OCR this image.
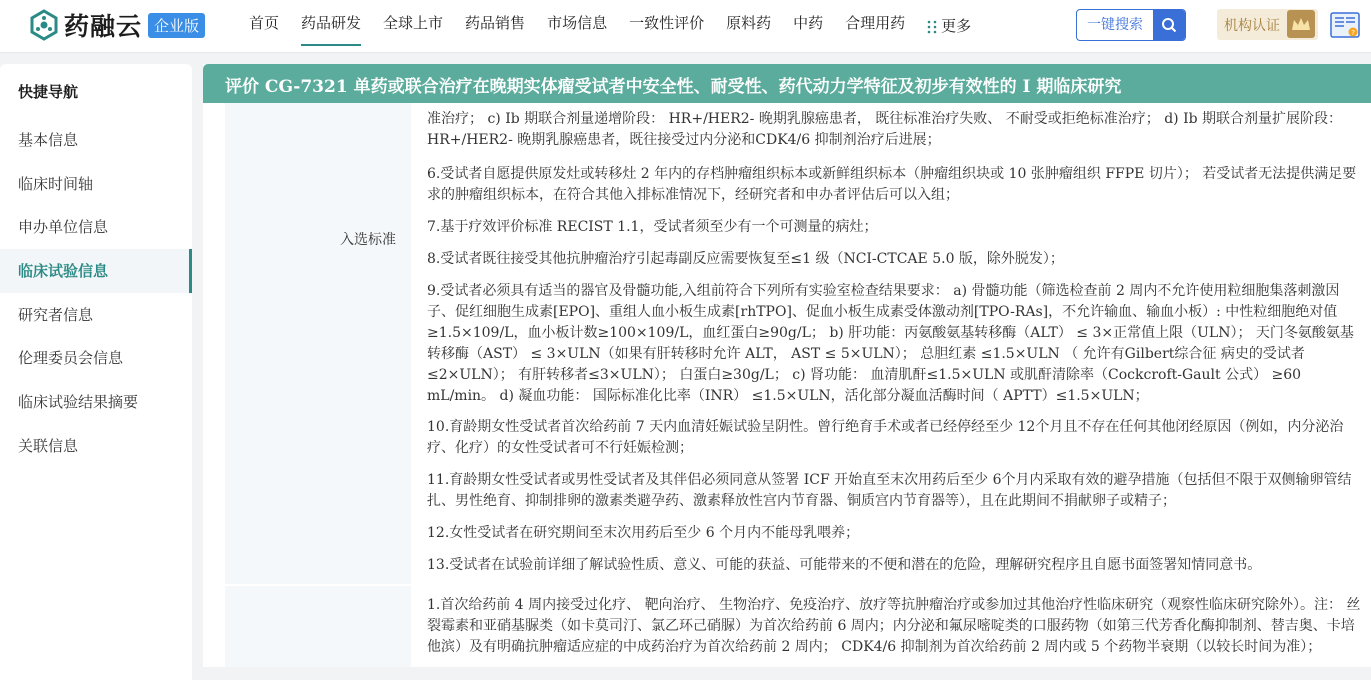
药融云 企业版	首页	药品研发	全球上市	药品销售	市场信息	一致性评价	原料药	中药	合理用药	更多	一键搜索	机构认证	?
快捷导航
基本信息
临床时间轴
申办单位信息
临床试验信息
研究者信息
伦理委员会信息
临床试验结果摘要
关联信息
评价 CG-7321 单药或联合治疗在晚期实体瘤受试者中安全性、耐受性、药代动力学特征及初步有效性的 I 期临床研究
入选标准
准治疗； c) Ib 期联合剂量递增阶段： HR+/HER2- 晚期乳腺癌患者， 既往标准治疗失败、 不耐受或拒绝标准治疗； d) Ib 期联合剂量扩展阶段：HR+/HER2- 晚期乳腺癌患者，既往接受过内分泌和CDK4/6 抑制剂治疗后进展；
6.受试者自愿提供原发灶或转移灶 2 年内的存档肿瘤组织标本或新鲜组织标本（肿瘤组织块或 10 张肿瘤组织 FFPE 切片）； 若受试者无法提供满足要求的肿瘤组织标本，在符合其他入排标准情况下，经研究者和申办者评估后可以入组；
7.基于疗效评价标准 RECIST 1.1，受试者须至少有一个可测量的病灶；
8.受试者既往接受其他抗肿瘤治疗引起毒副反应需要恢复至≤1 级（NCI-CTCAE 5.0 版，除外脱发）；
9.受试者必须具有适当的器官及骨髓功能,入组前符合下列所有实验室检查结果要求： a) 骨髓功能（筛选检查前 2 周内不允许使用粒细胞集落刺激因子、促红细胞生成素[EPO]、重组人血小板生成素[rhTPO]、促血小板生成素受体激动剂[TPO-RAs]，不允许输血、输血小板）: 中性粒细胞绝对值≥1.5×109/L，血小板计数≥100×109/L，血红蛋白≥90g/L； b) 肝功能：丙氨酸氨基转移酶（ALT） ≤ 3×正常值上限（ULN）； 天门冬氨酸氨基转移酶（AST） ≤ 3×ULN（如果有肝转移时允许 ALT， AST ≤ 5×ULN）； 总胆红素 ≤1.5×ULN （ 允许有Gilbert综合征 病史的受试者≤2×ULN）； 有肝转移者≤3×ULN）； 白蛋白≥30g/L； c) 肾功能： 血清肌酐≤1.5×ULN 或肌酐清除率（Cockcroft-Gault 公式） ≥60 mL/min。 d) 凝血功能： 国际标准化比率（INR） ≤1.5×ULN，活化部分凝血活酶时间（ APTT）≤1.5×ULN；
10.育龄期女性受试者首次给药前 7 天内血清妊娠试验呈阴性。曾行绝育手术或者已经停经至少 12个月且不存在任何其他闭经原因（例如，内分泌治疗、化疗）的女性受试者可不行妊娠检测；
11.育龄期女性受试者或男性受试者及其伴侣必须同意从签署 ICF 开始直至末次用药后至少 6个月内采取有效的避孕措施（包括但不限于双侧输卵管结扎、男性绝育、抑制排卵的激素类避孕药、激素释放性宫内节育器、铜质宫内节育器等），且在此期间不捐献卵子或精子；
12.女性受试者在研究期间至末次用药后至少 6 个月内不能母乳喂养；
13.受试者在试验前详细了解试验性质、意义、可能的获益、可能带来的不便和潜在的危险，理解研究程序且自愿书面签署知情同意书。
1.首次给药前 4 周内接受过化疗、 靶向治疗、 生物治疗、免疫治疗、放疗等抗肿瘤治疗或参加过其他治疗性临床研究（观察性临床研究除外）。注： 丝裂霉素和亚硝基脲类（如卡莫司汀、氯乙环己硝脲）为首次给药前 6 周内；内分泌和氟尿嘧啶类的口服药物（如第三代芳香化酶抑制剂、替吉奥、卡培他滨）及有明确抗肿瘤适应症的中成药治疗为首次给药前 2 周内； CDK4/6 抑制剂为首次给药前 2 周内或 5 个药物半衰期（以较长时间为准）；
